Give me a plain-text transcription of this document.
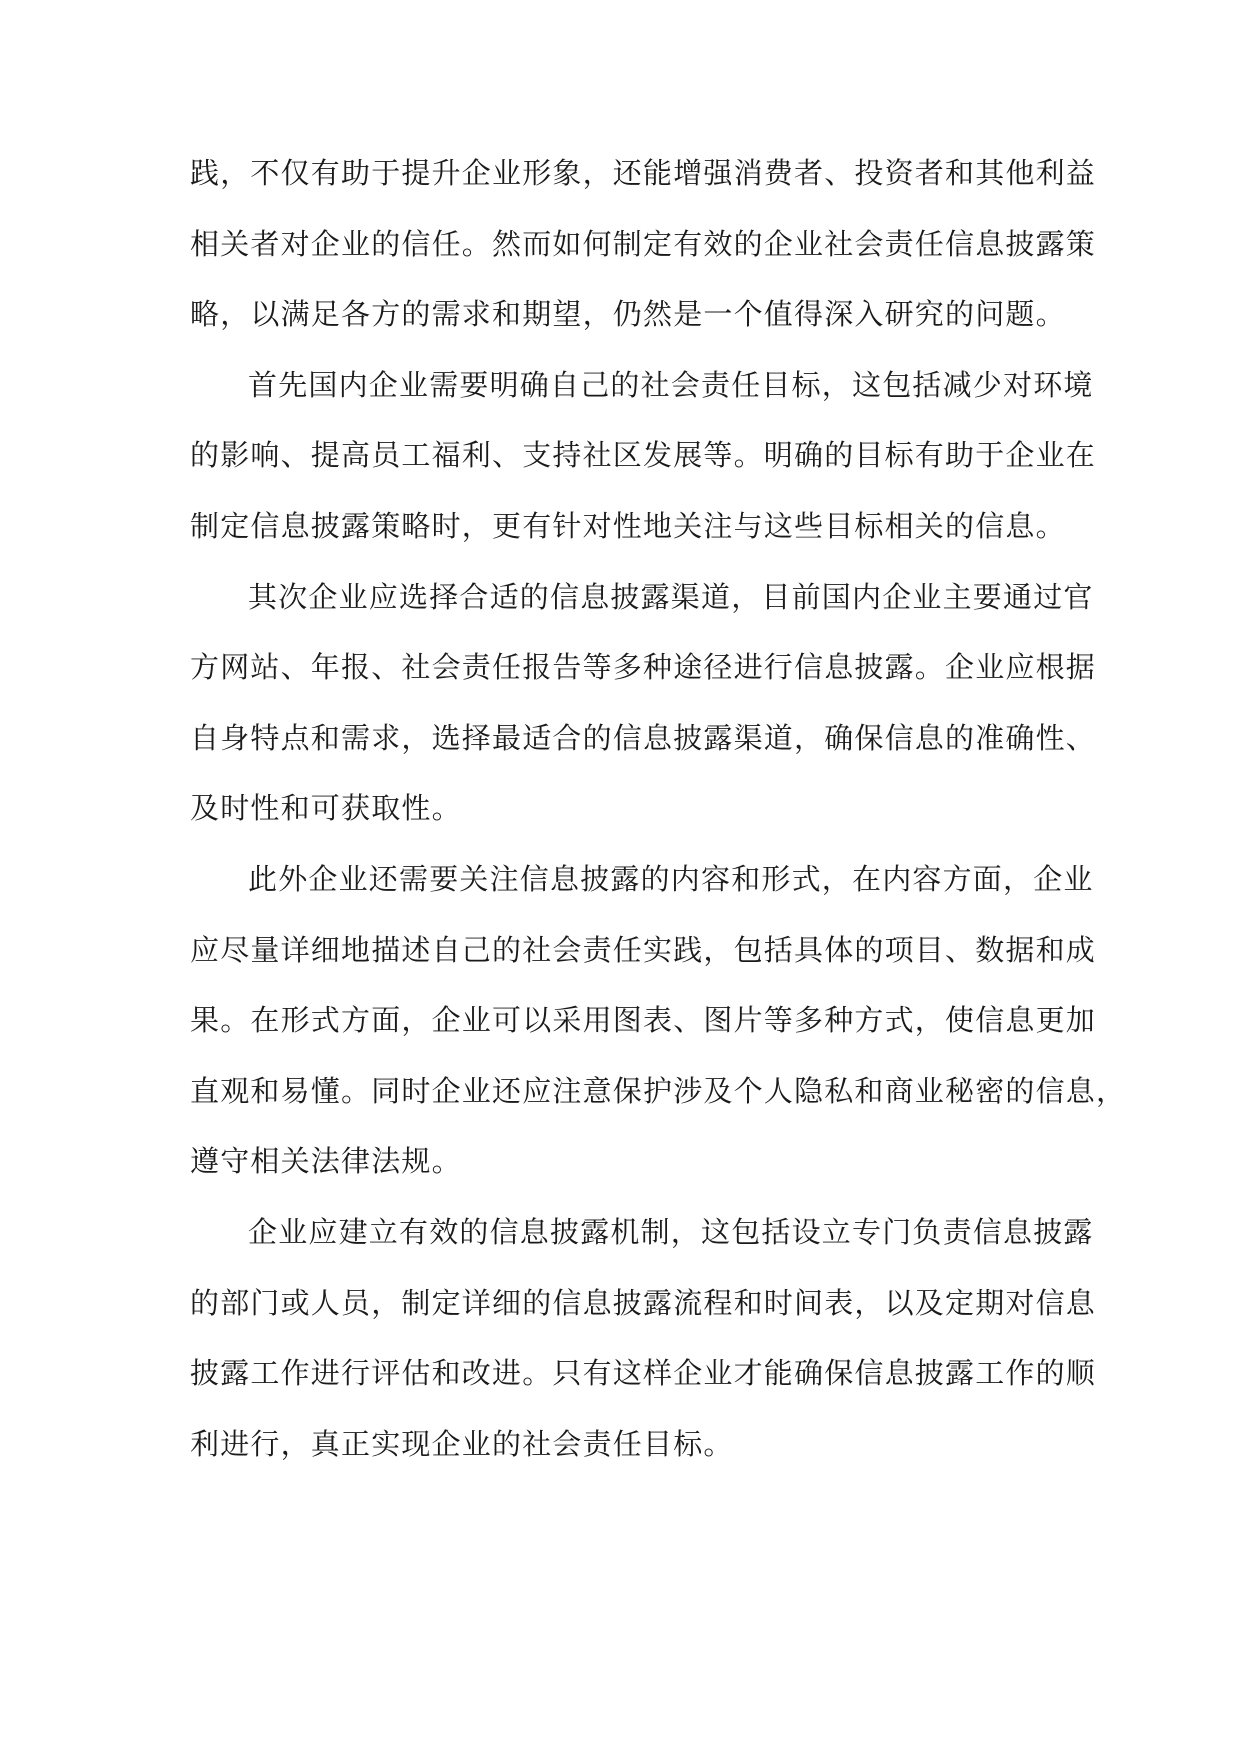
践，不仅有助于提升企业形象，还能增强消费者、投资者和其他利益
相关者对企业的信任。然而如何制定有效的企业社会责任信息披露策
略，以满足各方的需求和期望，仍然是一个值得深入研究的问题。
首先国内企业需要明确自己的社会责任目标，这包括减少对环境
的影响、提高员工福利、支持社区发展等。明确的目标有助于企业在
制定信息披露策略时，更有针对性地关注与这些目标相关的信息。
其次企业应选择合适的信息披露渠道，目前国内企业主要通过官
方网站、年报、社会责任报告等多种途径进行信息披露。企业应根据
自身特点和需求，选择最适合的信息披露渠道，确保信息的准确性、
及时性和可获取性。
此外企业还需要关注信息披露的内容和形式，在内容方面，企业
应尽量详细地描述自己的社会责任实践，包括具体的项目、数据和成
果。在形式方面，企业可以采用图表、图片等多种方式，使信息更加
直观和易懂。同时企业还应注意保护涉及个人隐私和商业秘密的信息，
遵守相关法律法规。
企业应建立有效的信息披露机制，这包括设立专门负责信息披露
的部门或人员，制定详细的信息披露流程和时间表，以及定期对信息
披露工作进行评估和改进。只有这样企业才能确保信息披露工作的顺
利进行，真正实现企业的社会责任目标。
